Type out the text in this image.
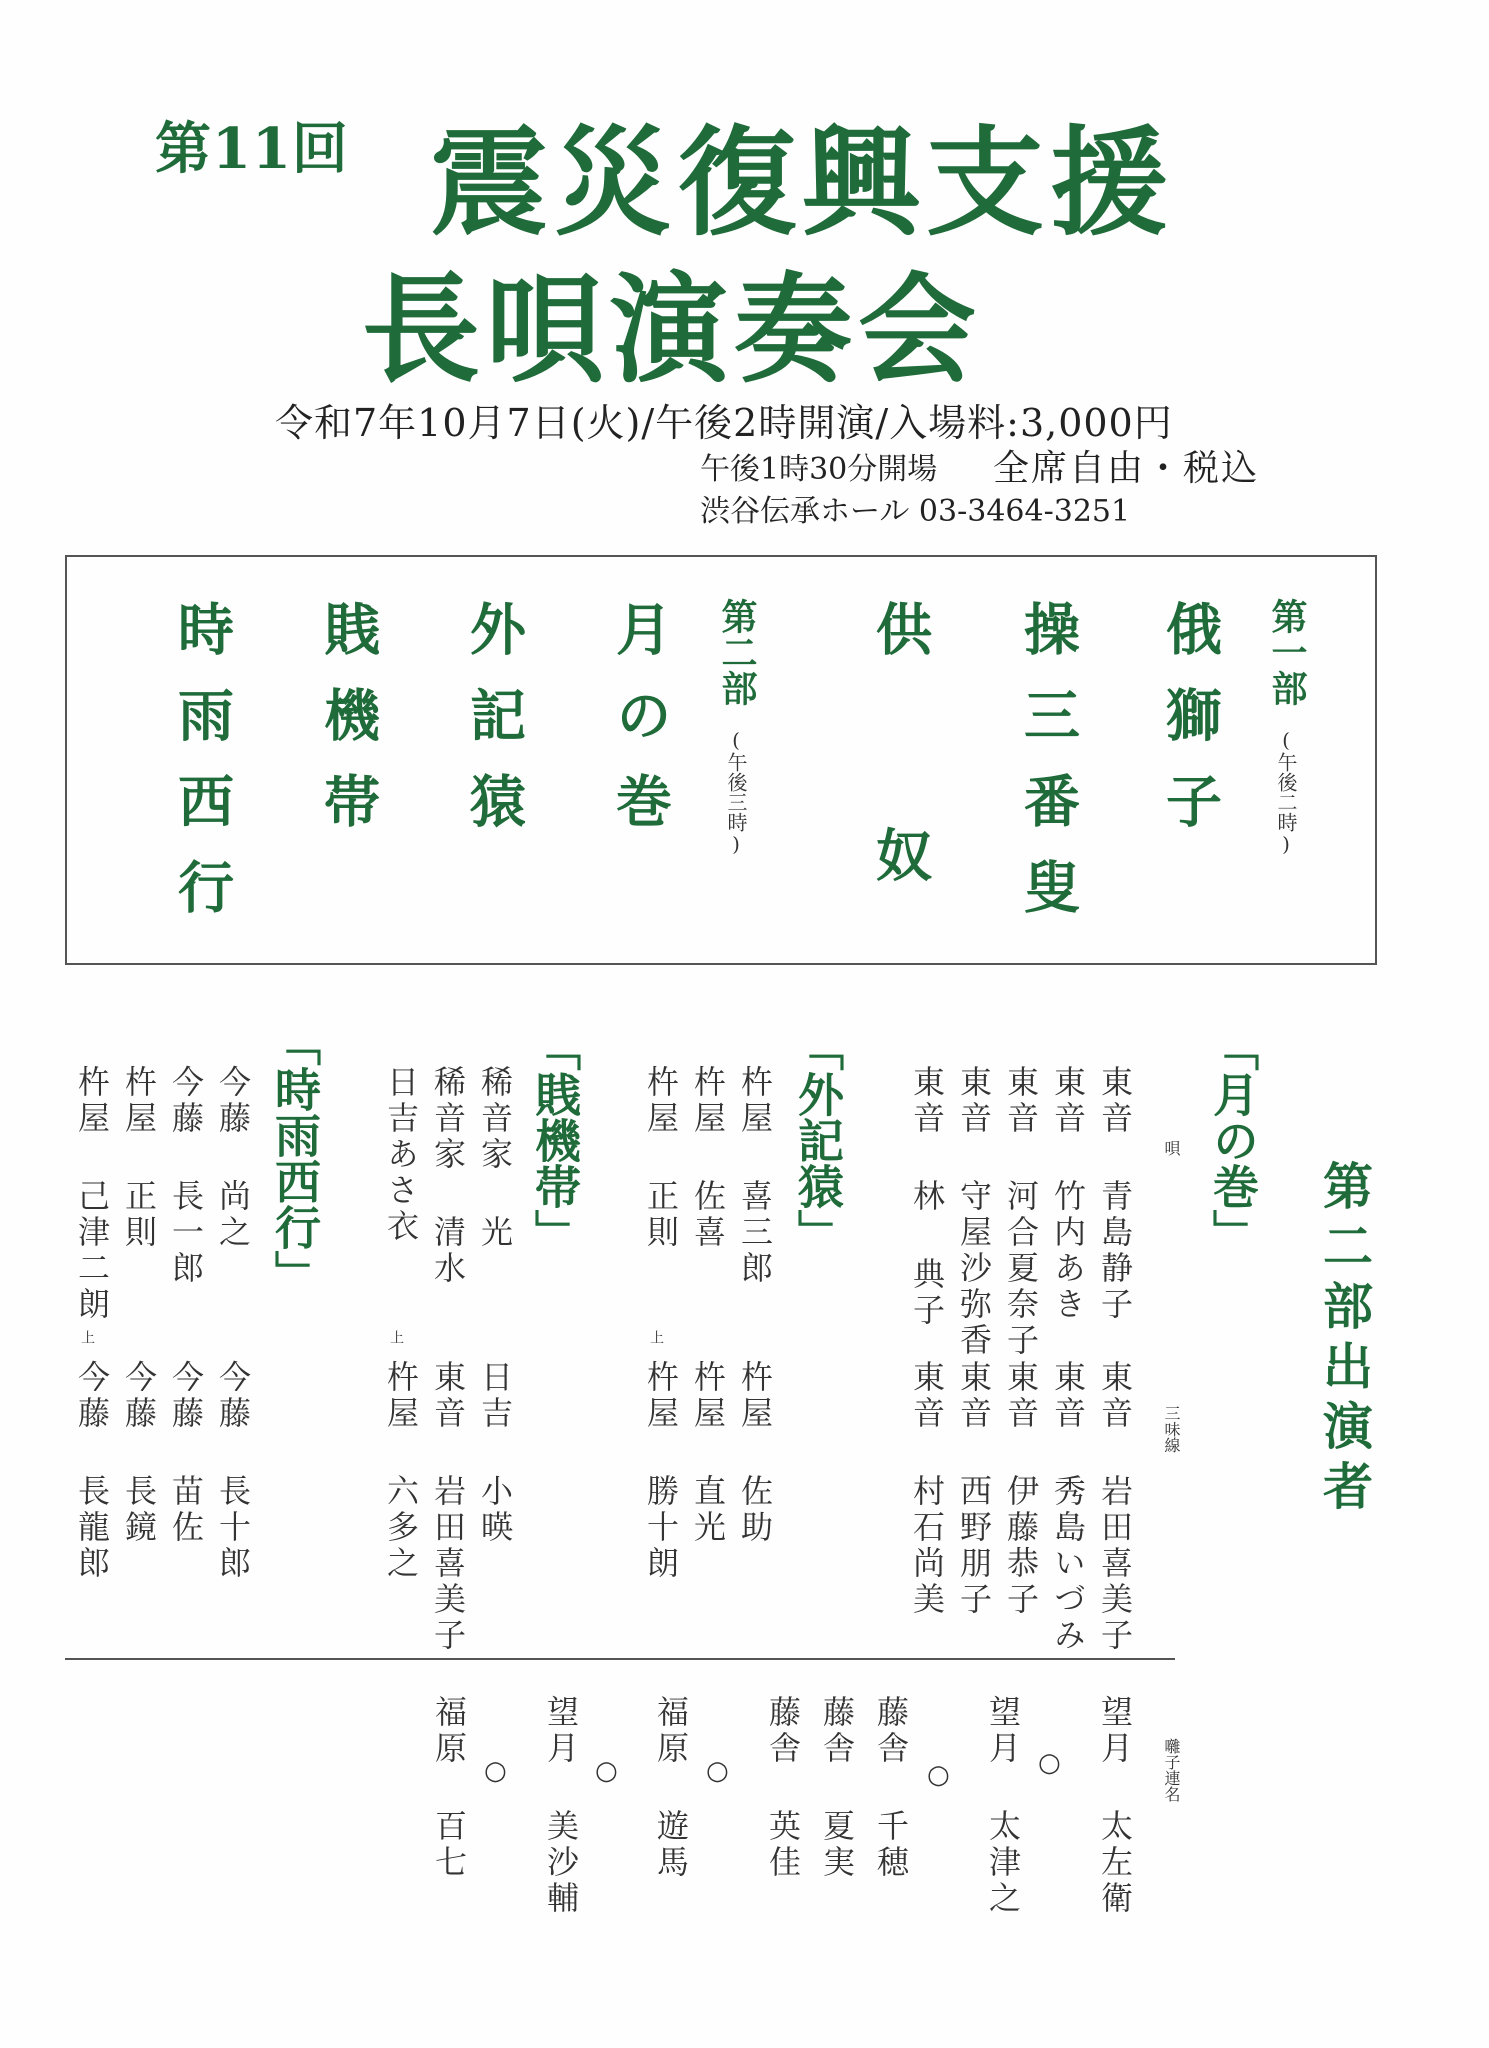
第11回 震災復興支援
長唄演奏会
令和7年10月7日(火)/午後2時開演/入場料:3,000円
午後1時30分開場 全席自由・税込
渋谷伝承ホール 03-3464-3251
第一部
(午後二時)
俄獅子
操三番叟
供奴
第二部
(午後三時)
月の巻
外記猿
賎機帯
時雨西行
第二部出演者
「月の巻」
唄
三味線
東音 青島静子
東音 竹内あき
東音 河合夏奈子
東音 守屋沙弥香
東音 林 典子
東音 岩田喜美子
東音 秀島いづみ
東音 伊藤恭子
東音 西野朋子
東音 村石尚美
「外記猿」
杵屋 喜三郎
杵屋 佐喜
杵屋 正則
上
杵屋 佐助
杵屋 直光
杵屋 勝十朗
「賎機帯」
稀音家 光
稀音家 清水
日吉あさ衣
上
日吉 小暎
東音 岩田喜美子
杵屋 六多之
「時雨西行」
今藤 尚之
今藤 長一郎
杵屋 正則
杵屋 己津二朗
上
今藤 長十郎
今藤 苗佐
今藤 長鏡
今藤 長龍郎
囃子連名
望月 太左衛
○
望月 太津之
○
藤舎 千穂
藤舎 夏実
藤舎 英佳
○
福原 遊馬
○
望月 美沙輔
○
福原 百七
